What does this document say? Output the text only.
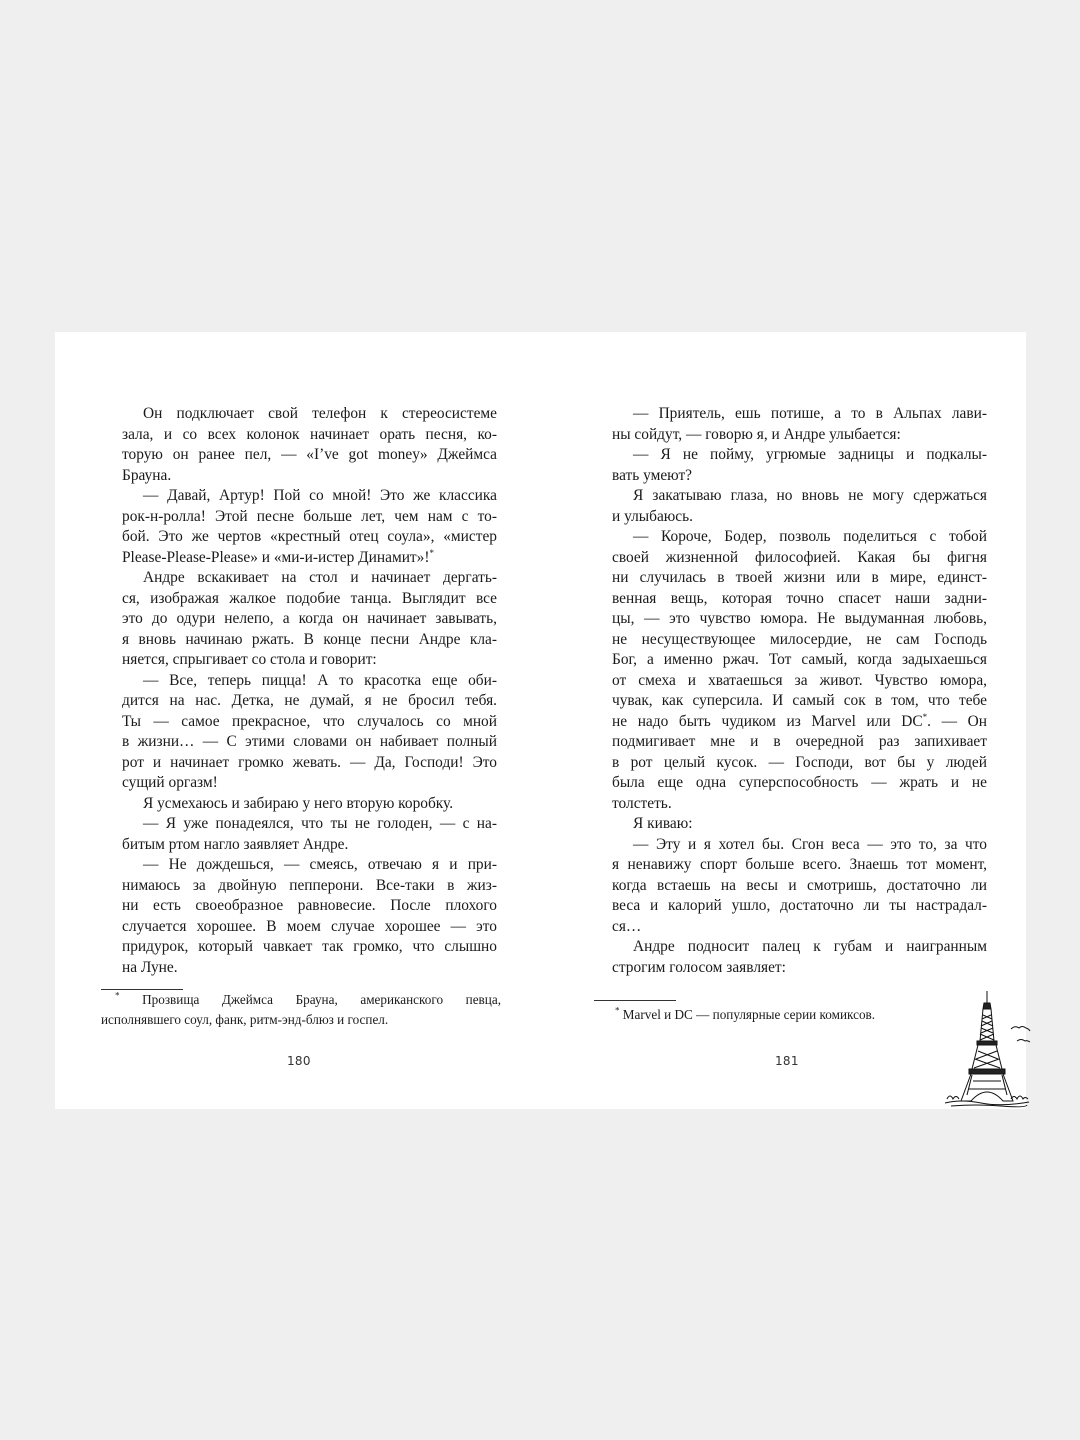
Он подключает свой телефон к стереосистеме
зала, и со всех колонок начинает орать песня, ко-
торую он ранее пел, — «I’ve got money» Джеймса
Брауна.
— Давай, Артур! Пой со мной! Это же классика
рок-н-ролла! Этой песне больше лет, чем нам с то-
бой. Это же чертов «крестный отец соула», «мистер
Please-Please-Please» и «ми-и-истер Динамит»!*
Андре вскакивает на стол и начинает дергать-
ся, изображая жалкое подобие танца. Выглядит все
это до одури нелепо, а когда он начинает завывать,
я вновь начинаю ржать. В конце песни Андре кла-
няется, спрыгивает со стола и говорит:
— Все, теперь пицца! А то красотка еще оби-
дится на нас. Детка, не думай, я не бросил тебя.
Ты — самое прекрасное, что случалось со мной
в жизни… — С этими словами он набивает полный
рот и начинает громко жевать. — Да, Господи! Это
сущий оргазм!
Я усмехаюсь и забираю у него вторую коробку.
— Я уже понадеялся, что ты не голоден, — с на-
битым ртом нагло заявляет Андре.
— Не дождешься, — смеясь, отвечаю я и при-
нимаюсь за двойную пепперони. Все-таки в жиз-
ни есть своеобразное равновесие. После плохого
случается хорошее. В моем случае хорошее — это
придурок, который чавкает так громко, что слышно
на Луне.
* Прозвища Джеймса Брауна, американского певца,
исполнявшего соул, фанк, ритм-энд-блюз и госпел.
180
— Приятель, ешь потише, а то в Альпах лави-
ны сойдут, — говорю я, и Андре улыбается:
— Я не пойму, угрюмые задницы и подкалы-
вать умеют?
Я закатываю глаза, но вновь не могу сдержаться
и улыбаюсь.
— Короче, Бодер, позволь поделиться с тобой
своей жизненной философией. Какая бы фигня
ни случилась в твоей жизни или в мире, единст-
венная вещь, которая точно спасет наши задни-
цы, — это чувство юмора. Не выдуманная любовь,
не несуществующее милосердие, не сам Господь
Бог, а именно ржач. Тот самый, когда задыхаешься
от смеха и хватаешься за живот. Чувство юмора,
чувак, как суперсила. И самый сок в том, что тебе
не надо быть чудиком из Marvel или DC*. — Он
подмигивает мне и в очередной раз запихивает
в рот целый кусок. — Господи, вот бы у людей
была еще одна суперспособность — жрать и не
толстеть.
Я киваю:
— Эту и я хотел бы. Сгон веса — это то, за что
я ненавижу спорт больше всего. Знаешь тот момент,
когда встаешь на весы и смотришь, достаточно ли
веса и калорий ушло, достаточно ли ты настрадал-
ся…
Андре подносит палец к губам и наигранным
строгим голосом заявляет:
* Marvel и DC — популярные серии комиксов.
181
